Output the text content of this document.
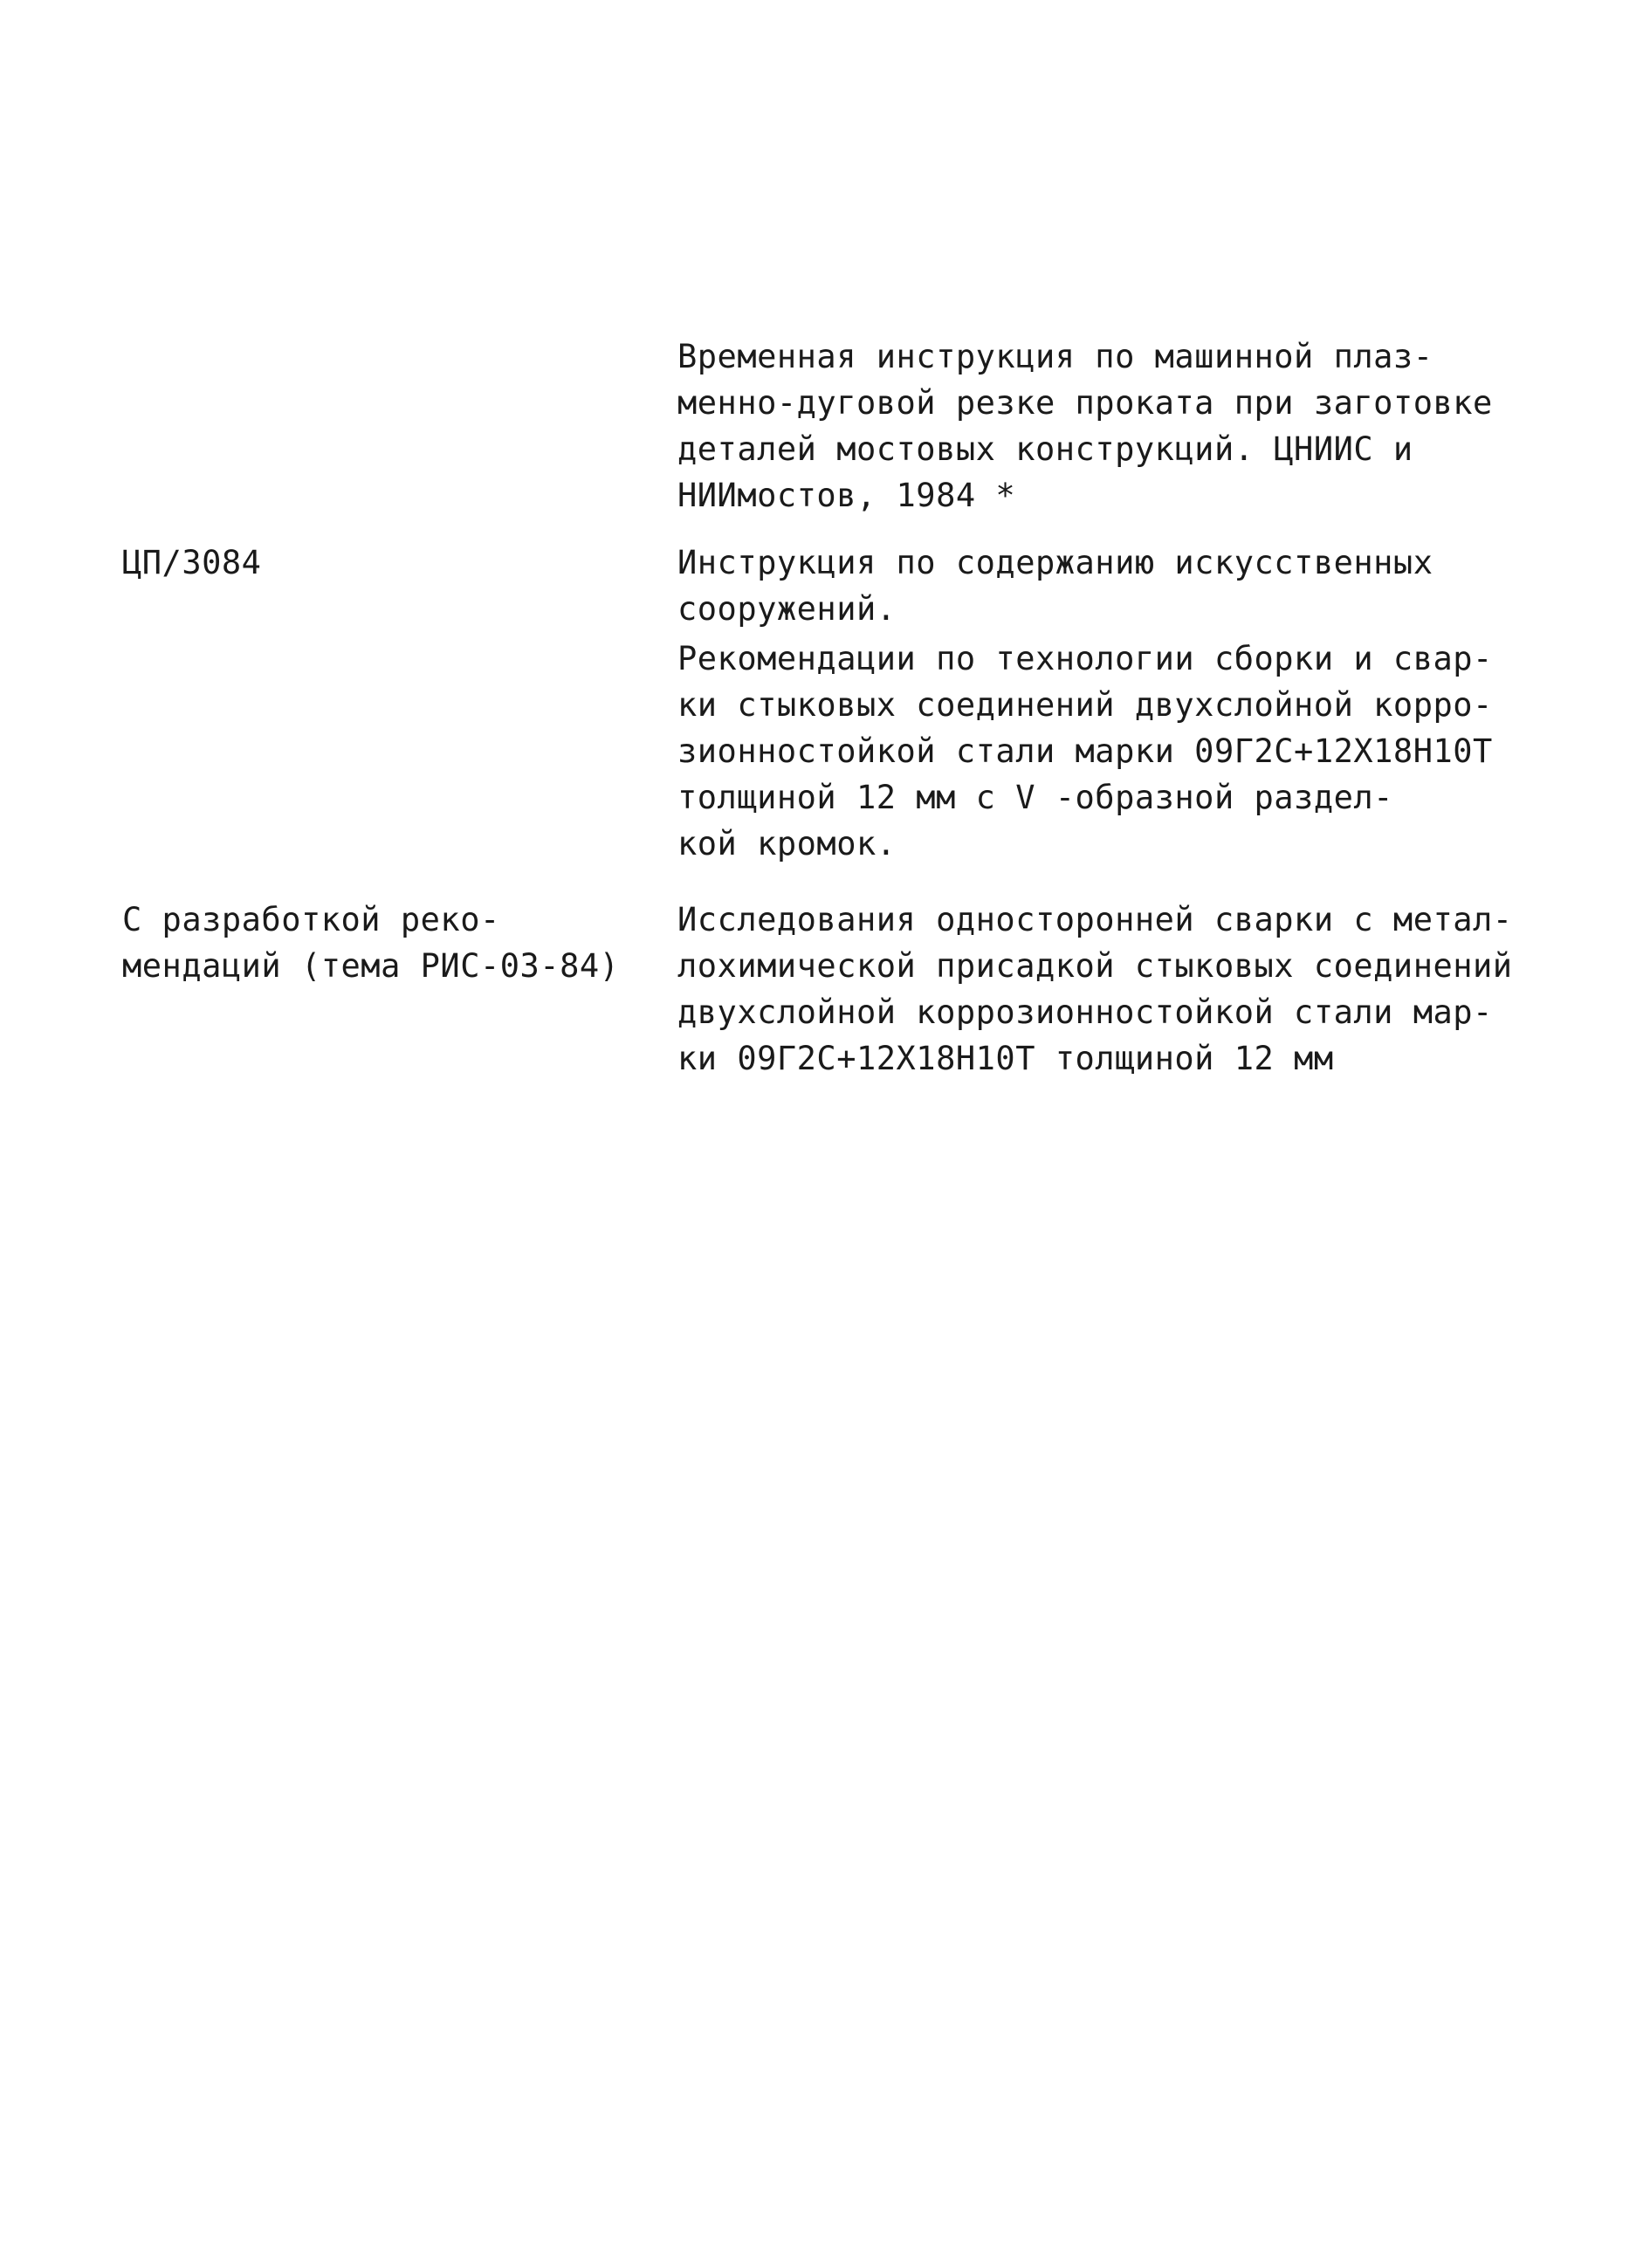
Временная инструкция по машинной плаз-
менно-дуговой резке проката при заготовке
деталей мостовых конструкций. ЦНИИС и
НИИмостов, 1984 *
ЦП/3084	Инструкция по содержанию искусственных
сооружений.
Рекомендации по технологии сборки и свар-
ки стыковых соединений двухслойной корро-
зионностойкой стали марки 09Г2С+12Х18Н10Т
толщиной 12 мм с V -образной раздел-
кой кромок.
С разработкой реко-
мендаций (тема РИС-03-84)
Исследования односторонней сварки с метал-
лохимической присадкой стыковых соединений
двухслойной коррозионностойкой стали мар-
ки 09Г2С+12Х18Н10Т толщиной 12 мм
